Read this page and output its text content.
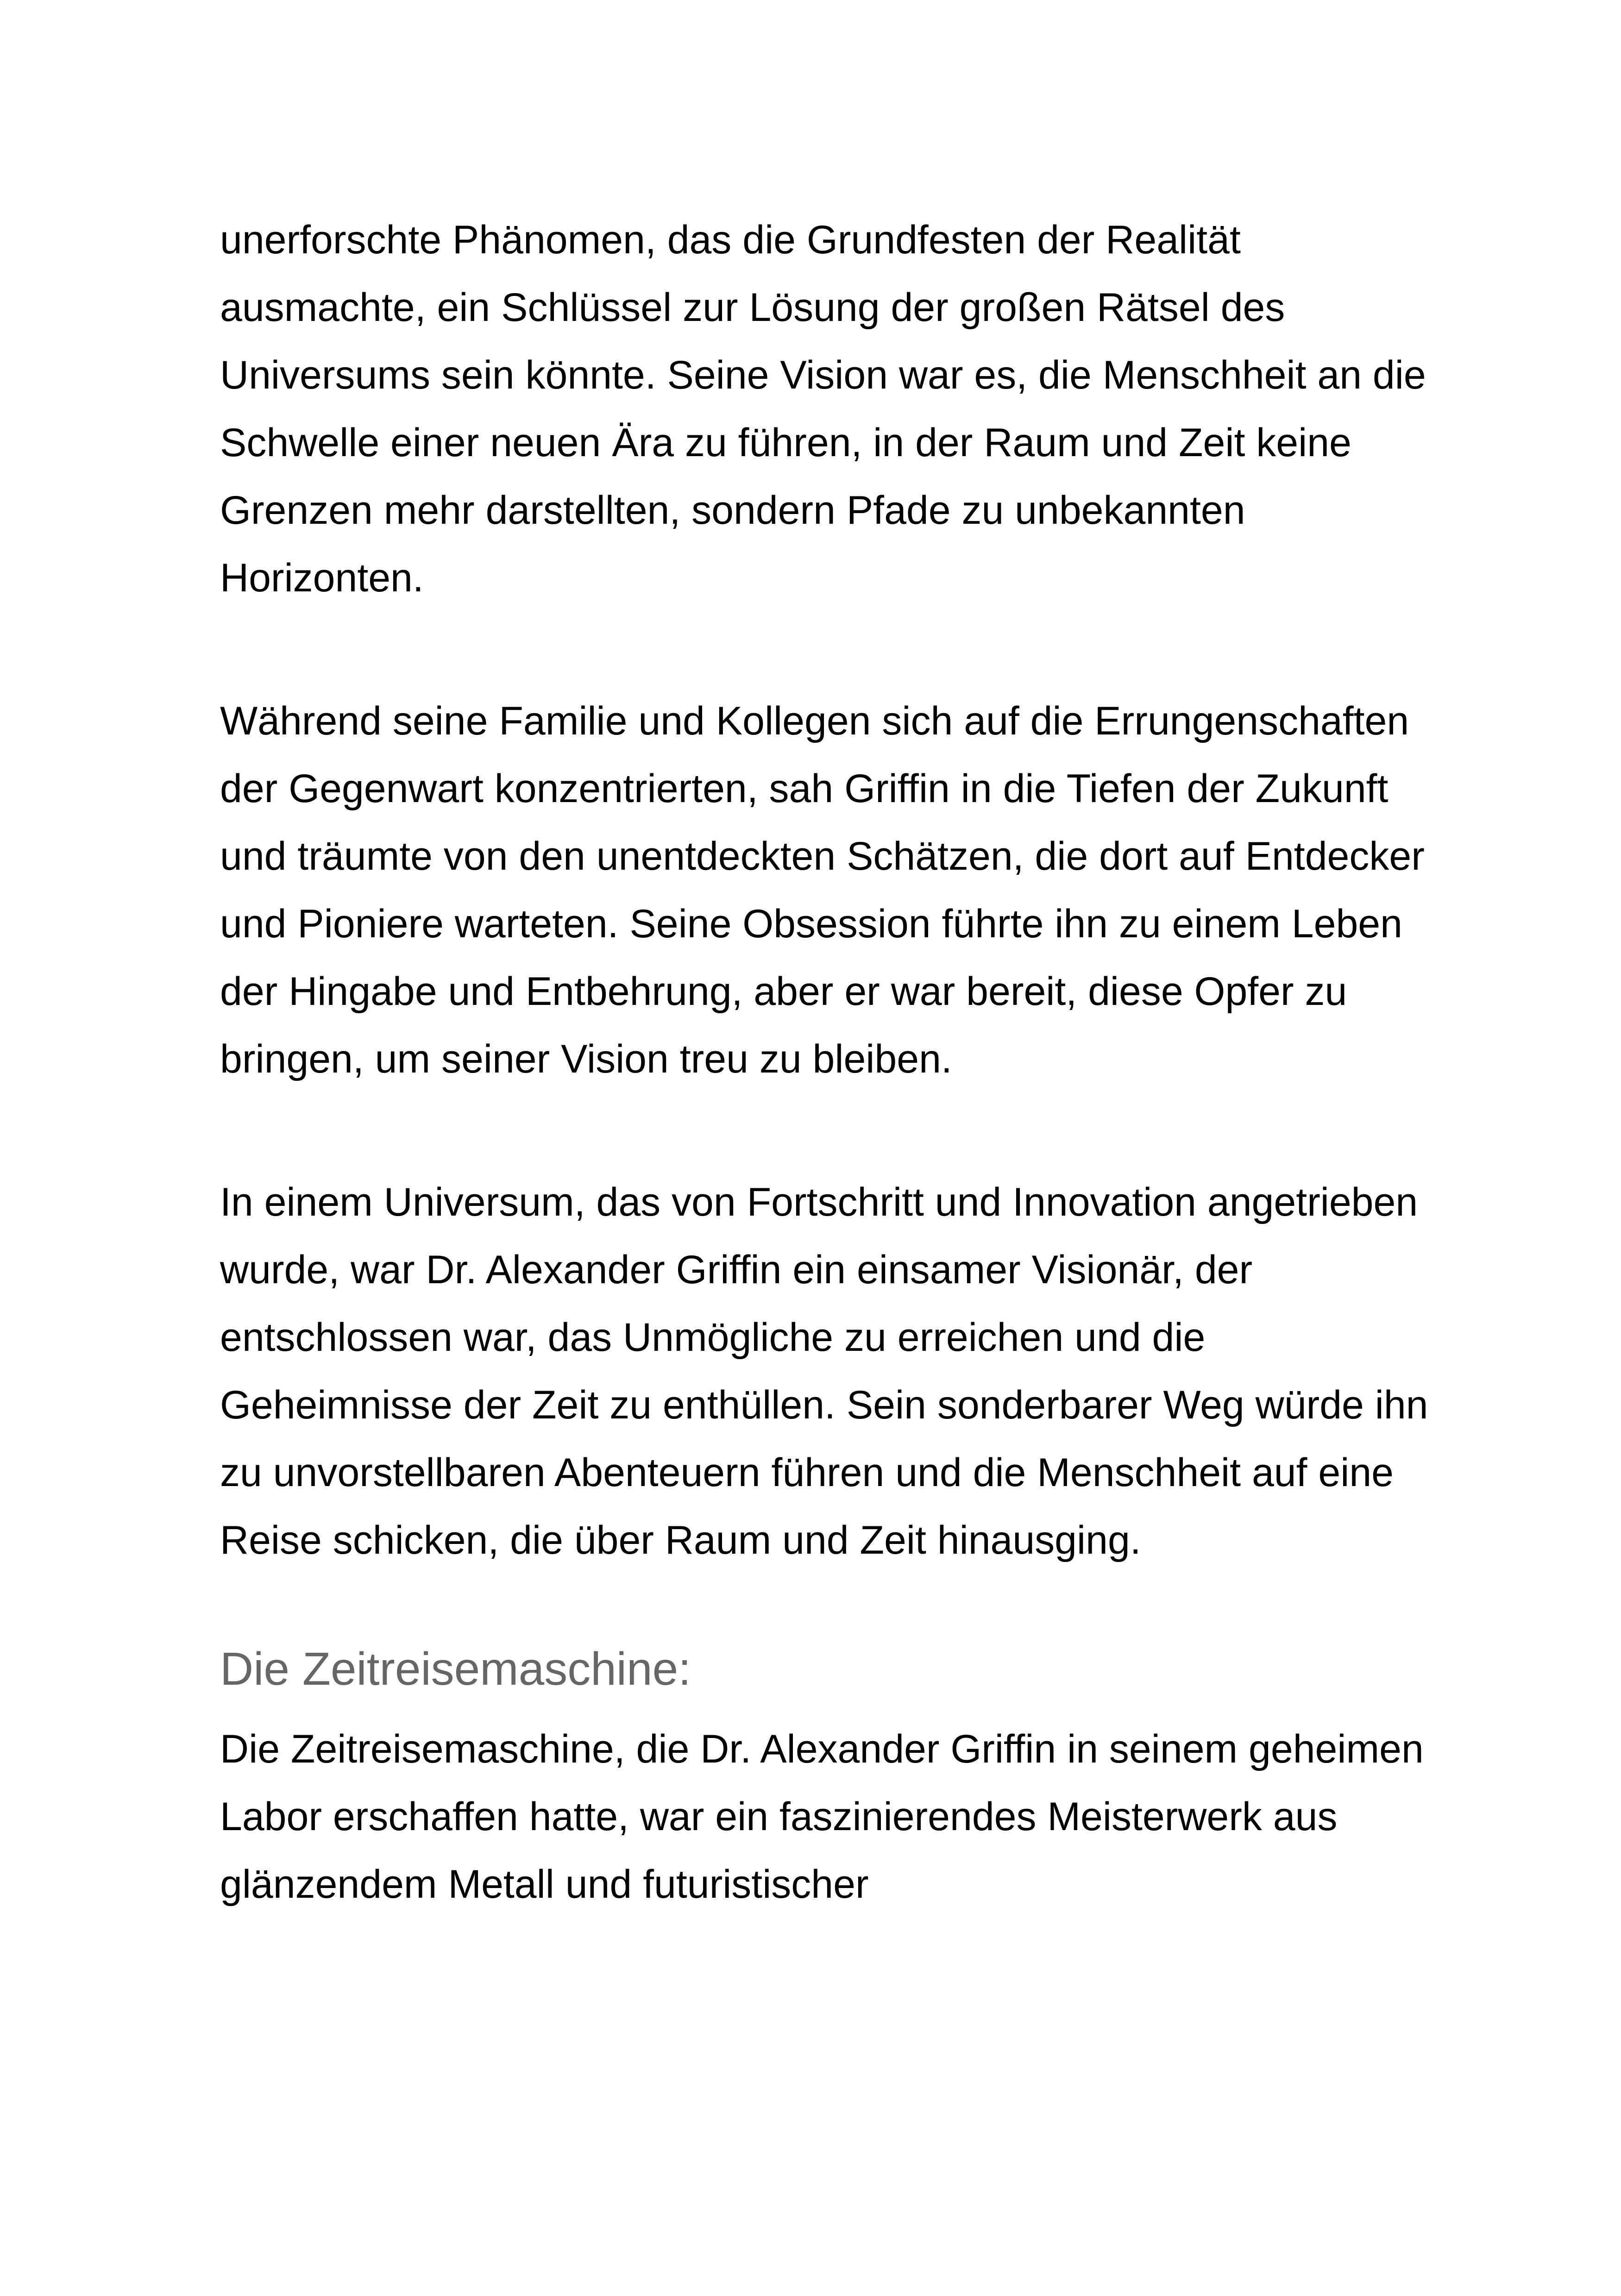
unerforschte Phänomen, das die Grundfesten der Realität ausmachte, ein Schlüssel zur Lösung der großen Rätsel des Universums sein könnte. Seine Vision war es, die Menschheit an die Schwelle einer neuen Ära zu führen, in der Raum und Zeit keine Grenzen mehr darstellten, sondern Pfade zu unbekannten Horizonten.

Während seine Familie und Kollegen sich auf die Errungenschaften der Gegenwart konzentrierten, sah Griffin in die Tiefen der Zukunft und träumte von den unentdeckten Schätzen, die dort auf Entdecker und Pioniere warteten. Seine Obsession führte ihn zu einem Leben der Hingabe und Entbehrung, aber er war bereit, diese Opfer zu bringen, um seiner Vision treu zu bleiben.

In einem Universum, das von Fortschritt und Innovation angetrieben wurde, war Dr. Alexander Griffin ein einsamer Visionär, der entschlossen war, das Unmögliche zu erreichen und die Geheimnisse der Zeit zu enthüllen. Sein sonderbarer Weg würde ihn zu unvorstellbaren Abenteuern führen und die Menschheit auf eine Reise schicken, die über Raum und Zeit hinausging.

Die Zeitreisemaschine:

Die Zeitreisemaschine, die Dr. Alexander Griffin in seinem geheimen Labor erschaffen hatte, war ein faszinierendes Meisterwerk aus glänzendem Metall und futuristischer
